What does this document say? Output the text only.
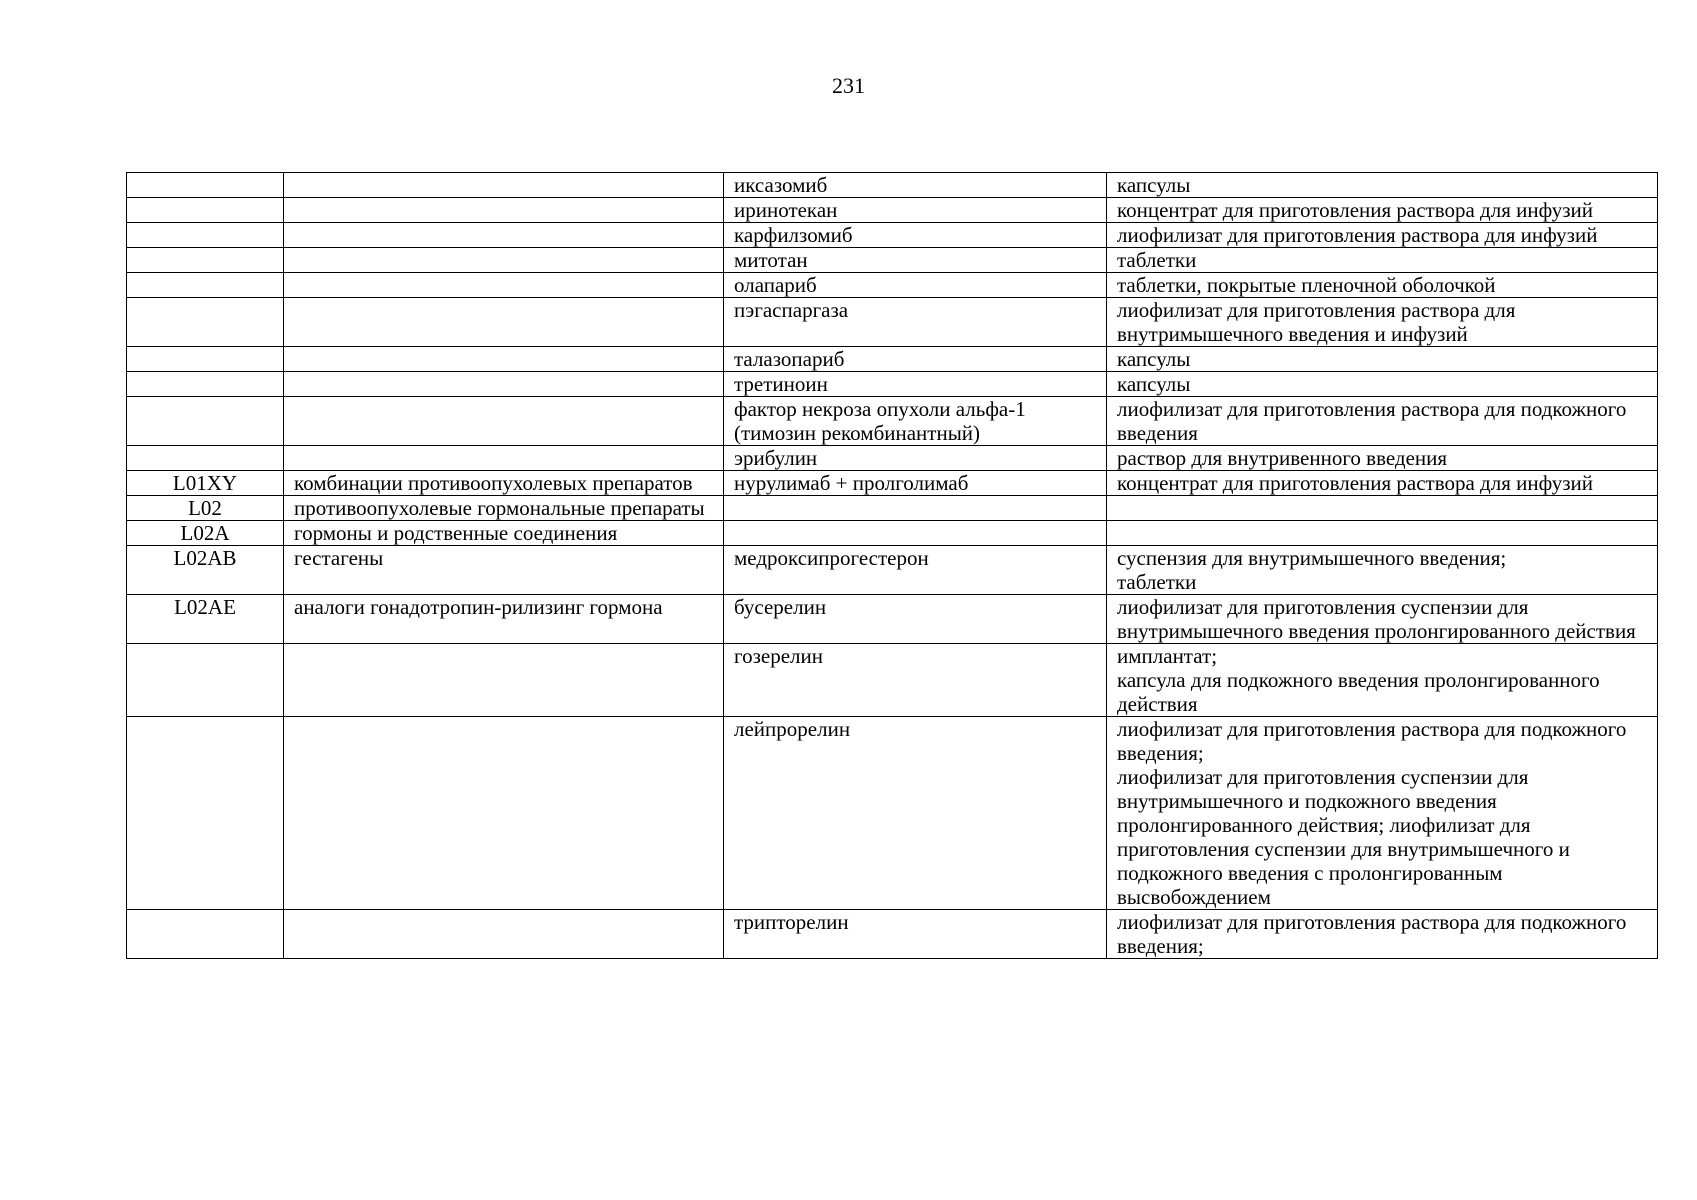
231
		иксазомиб	капсулы
		иринотекан	концентрат для приготовления раствора для инфузий
		карфилзомиб	лиофилизат для приготовления раствора для инфузий
		митотан	таблетки
		олапариб	таблетки, покрытые пленочной оболочкой
		пэгаспаргаза	лиофилизат для приготовления раствора для внутримышечного введения и инфузий
		талазопариб	капсулы
		третиноин	капсулы
		фактор некроза опухоли альфа-1 (тимозин рекомбинантный)	лиофилизат для приготовления раствора для подкожного введения
		эрибулин	раствор для внутривенного введения
L01XY	комбинации противоопухолевых препаратов	нурулимаб + пролголимаб	концентрат для приготовления раствора для инфузий
L02	противоопухолевые гормональные препараты		
L02A	гормоны и родственные соединения		
L02AB	гестагены	медроксипрогестерон	суспензия для внутримышечного введения;
таблетки
L02AE	аналоги гонадотропин-рилизинг гормона	бусерелин	лиофилизат для приготовления суспензии для внутримышечного введения пролонгированного действия
		гозерелин	имплантат;
капсула для подкожного введения пролонгированного действия
		лейпрорелин	лиофилизат для приготовления раствора для подкожного введения;
лиофилизат для приготовления суспензии для внутримышечного и подкожного введения пролонгированного действия; лиофилизат для приготовления суспензии для внутримышечного и подкожного введения с пролонгированным высвобождением
		трипторелин	лиофилизат для приготовления раствора для подкожного введения;
